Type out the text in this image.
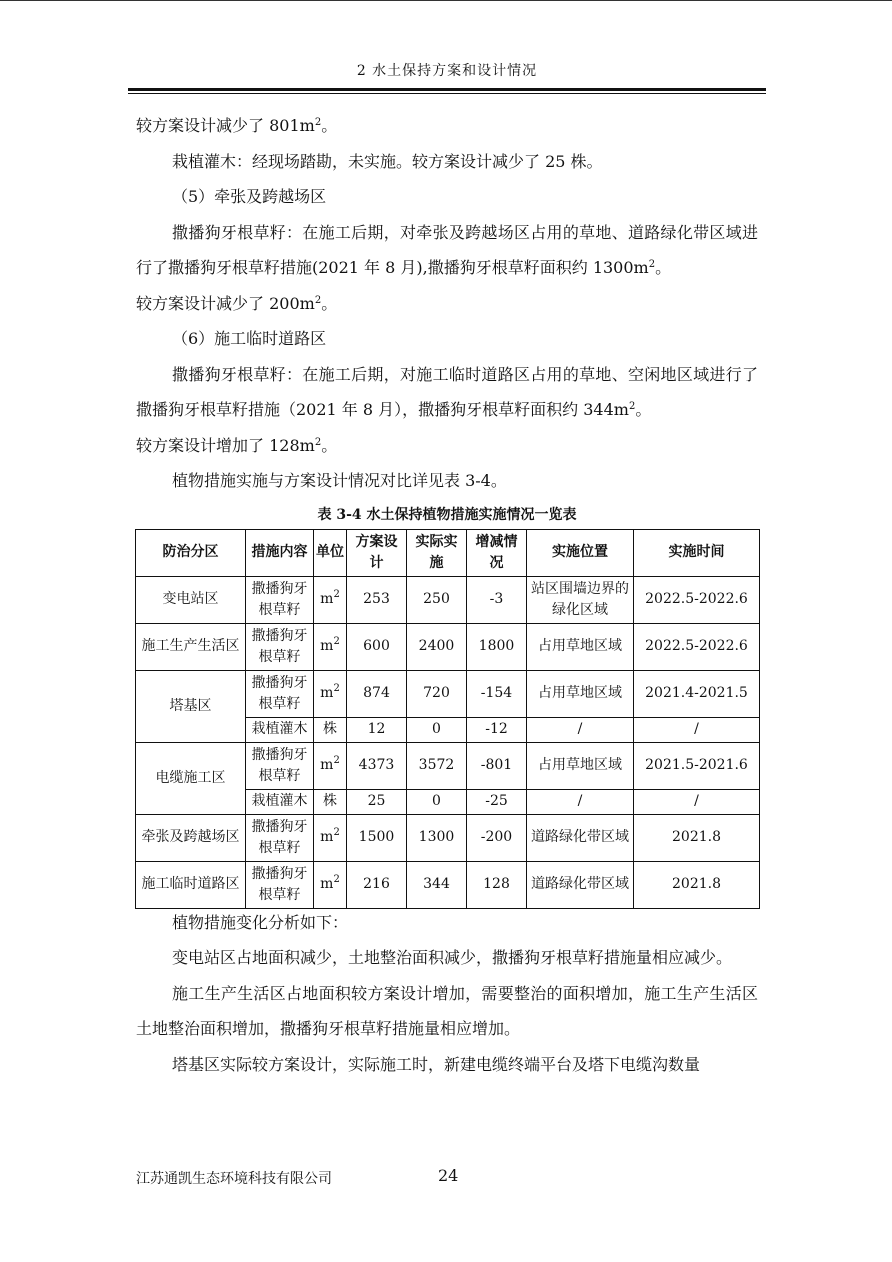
2 水土保持方案和设计情况

较方案设计减少了 $801m^2$。

栽植灌木：经现场踏勘，未实施。较方案设计减少了 25 株。

（5）牵张及跨越场区

撒播狗牙根草籽：在施工后期，对牵张及跨越场区占用的草地、道路绿化带区域进行了撒播狗牙根草籽措施(2021 年 8 月),撒播狗牙根草籽面积约 $1300m^2$。

较方案设计减少了 $200m^2$。

（6）施工临时道路区

撒播狗牙根草籽：在施工后期，对施工临时道路区占用的草地、空闲地区域进行了撒播狗牙根草籽措施（2021 年 8 月），撒播狗牙根草籽面积约 $344m^2$。

较方案设计增加了 $128m^2$。

植物措施实施与方案设计情况对比详见表 3-4。

表 3-4 水土保持植物措施实施情况一览表
防治分区	措施内容	单位	方案设计	实际实施	增减情况	实施位置	实施时间
变电站区	撒播狗牙根草籽	$m^2$	253	250	-3	站区围墙边界的绿化区域	2022.5-2022.6
施工生产生活区	撒播狗牙根草籽	$m^2$	600	2400	1800	占用草地区域	2022.5-2022.6
塔基区	撒播狗牙根草籽	$m^2$	874	720	-154	占用草地区域	2021.4-2021.5
	栽植灌木	株	12	0	-12	/	/
电缆施工区	撒播狗牙根草籽	$m^2$	4373	3572	-801	占用草地区域	2021.5-2021.6
	栽植灌木	株	25	0	-25	/	/
牵张及跨越场区	撒播狗牙根草籽	$m^2$	1500	1300	-200	道路绿化带区域	2021.8
施工临时道路区	撒播狗牙根草籽	$m^2$	216	344	128	道路绿化带区域	2021.8

植物措施变化分析如下：

变电站区占地面积减少，土地整治面积减少，撒播狗牙根草籽措施量相应减少。

施工生产生活区占地面积较方案设计增加，需要整治的面积增加，施工生产生活区土地整治面积增加，撒播狗牙根草籽措施量相应增加。

塔基区实际较方案设计，实际施工时，新建电缆终端平台及塔下电缆沟数量

江苏通凯生态环境科技有限公司	24
